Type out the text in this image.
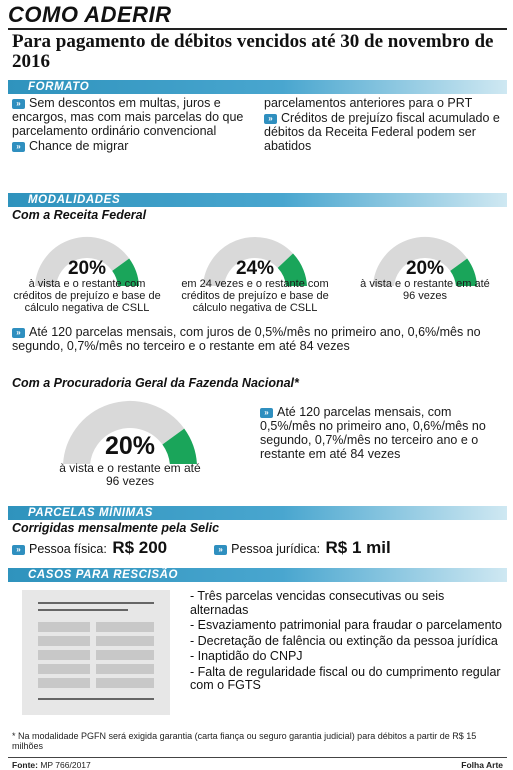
COMO ADERIR
Para pagamento de débitos vencidos até 30 de novembro de 2016
FORMATO

» Sem descontos em multas, juros e encargos, mas com mais parcelas do que parcelamento ordinário convencional

» Chance de migrar

parcelamentos anteriores para o PRT

» Créditos de prejuízo fiscal acumulado e débitos da Receita Federal podem ser abatidos

MODALIDADES
Com a Receita Federal
20%
à vista e o restante com créditos de prejuízo e base de cálculo negativa de CSLL
24%
em 24 vezes e o restante com créditos de prejuízo e base de cálculo negativa de CSLL
20%
à vista e o restante em até 96 vezes
» Até 120 parcelas mensais, com juros de 0,5%/mês no primeiro ano, 0,6%/mês no segundo, 0,7%/mês no terceiro e o restante em até 84 vezes
Com a Procuradoria Geral da Fazenda Nacional*
20%
à vista e o restante em até 96 vezes
» Até 120 parcelas mensais, com 0,5%/mês no primeiro ano, 0,6%/mês no segundo, 0,7%/mês no terceiro ano e o restante em até 84 vezes
PARCELAS MÍNIMAS
Corrigidas mensalmente pela Selic
» Pessoa física: R$ 200	» Pessoa jurídica: R$ 1 mil
CASOS PARA RESCISÃO
- Três parcelas vencidas consecutivas ou seis alternadas
- Esvaziamento patrimonial para fraudar o parcelamento
- Decretação de falência ou extinção da pessoa jurídica
- Inaptidão do CNPJ
- Falta de regularidade fiscal ou do cumprimento regular com o FGTS
* Na modalidade PGFN será exigida garantia (carta fiança ou seguro garantia judicial) para débitos a partir de R$ 15 milhões
Fonte: MP 766/2017	Folha Arte
